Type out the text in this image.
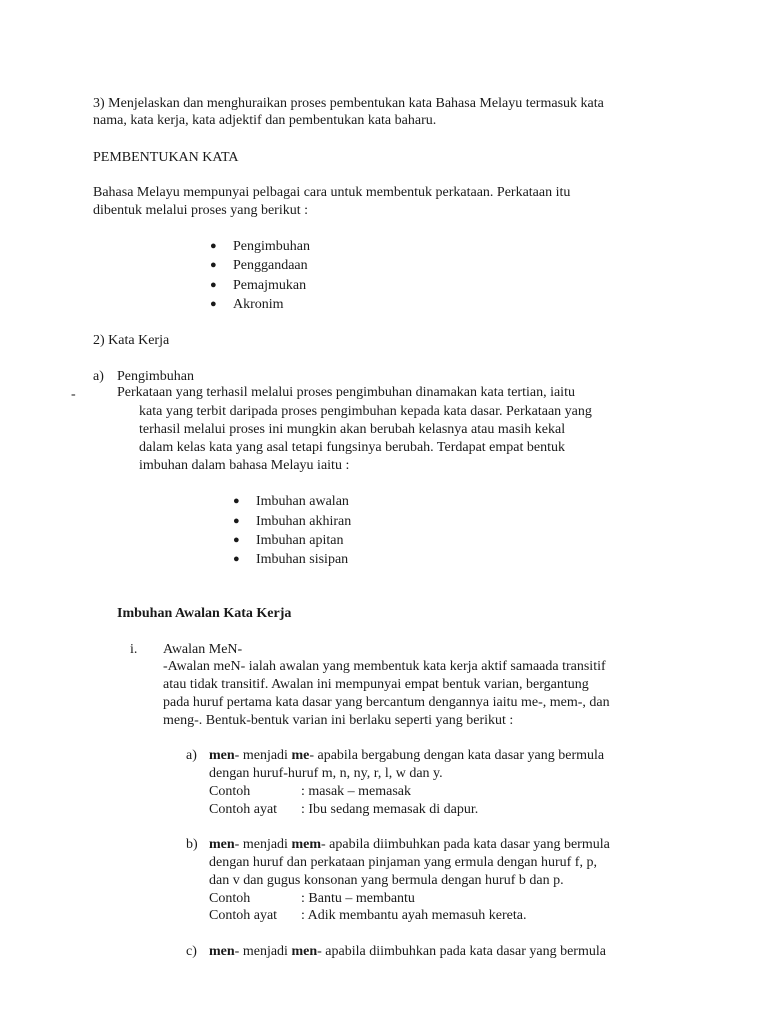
3) Menjelaskan dan menghuraikan proses pembentukan kata Bahasa Melayu termasuk kata
nama, kata kerja, kata adjektif dan pembentukan kata baharu.
PEMBENTUKAN KATA
Bahasa Melayu mempunyai pelbagai cara untuk membentuk perkataan. Perkataan itu
dibentuk melalui proses yang berikut :
● Pengimbuhan
● Penggandaan
● Pemajmukan
● Akronim
2) Kata Kerja
a) Pengimbuhan
-	Perkataan yang terhasil melalui proses pengimbuhan dinamakan kata tertian, iaitu
kata yang terbit daripada proses pengimbuhan kepada kata dasar. Perkataan yang
terhasil melalui proses ini mungkin akan berubah kelasnya atau masih kekal
dalam kelas kata yang asal tetapi fungsinya berubah. Terdapat empat bentuk
imbuhan dalam bahasa Melayu iaitu :
● Imbuhan awalan
● Imbuhan akhiran
● Imbuhan apitan
● Imbuhan sisipan
Imbuhan Awalan Kata Kerja
i. Awalan MeN-
-Awalan meN- ialah awalan yang membentuk kata kerja aktif samaada transitif
atau tidak transitif. Awalan ini mempunyai empat bentuk varian, bergantung
pada huruf pertama kata dasar yang bercantum dengannya iaitu me-, mem-, dan
meng-. Bentuk-bentuk varian ini berlaku seperti yang berikut :
a) men- menjadi me- apabila bergabung dengan kata dasar yang bermula
dengan huruf-huruf m, n, ny, r, l, w dan y.
Contoh	: masak – memasak
Contoh ayat : Ibu sedang memasak di dapur.
b) men- menjadi mem- apabila diimbuhkan pada kata dasar yang bermula
dengan huruf dan perkataan pinjaman yang ermula dengan huruf f, p,
dan v dan gugus konsonan yang bermula dengan huruf b dan p.
Contoh	: Bantu – membantu
Contoh ayat : Adik membantu ayah memasuh kereta.
c) men- menjadi men- apabila diimbuhkan pada kata dasar yang bermula
